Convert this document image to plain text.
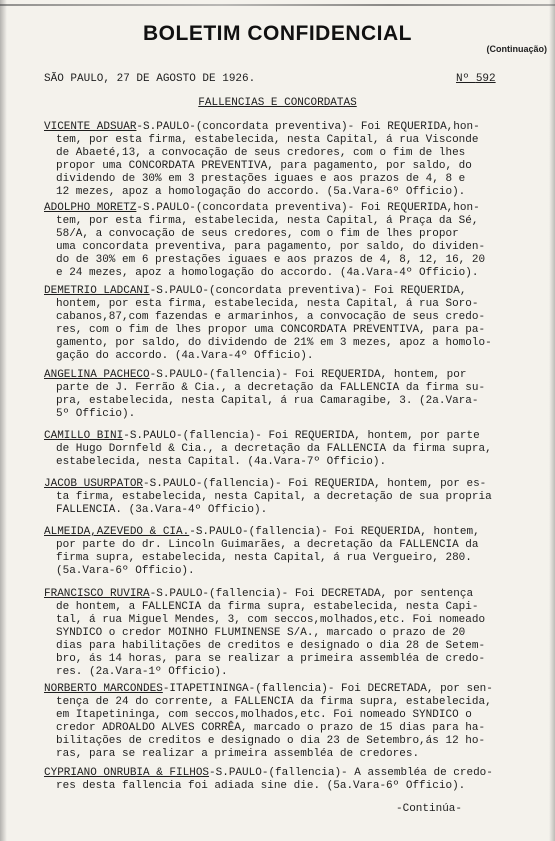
BOLETIM CONFIDENCIAL
(Continuação)
SÃO PAULO, 27 DE AGOSTO DE 1926.	Nº 592
FALLENCIAS E CONCORDATAS
VICENTE ADSUAR-S.PAULO-(concordata preventiva)- Foi REQUERIDA,hon-
tem, por esta firma, estabelecida, nesta Capital, á rua Visconde
de Abaeté,13, a convocação de seus credores, com o fim de lhes
propor uma CONCORDATA PREVENTIVA, para pagamento, por saldo, do
dividendo de 30% em 3 prestações iguaes e aos prazos de 4, 8 e
12 mezes, apoz a homologação do accordo. (5a.Vara-6º Officio).
ADOLPHO MORETZ-S.PAULO-(concordata preventiva)- Foi REQUERIDA,hon-
tem, por esta firma, estabelecida, nesta Capital, á Praça da Sé,
58/A, a convocação de seus credores, com o fim de lhes propor
uma concordata preventiva, para pagamento, por saldo, do dividen-
do de 30% em 6 prestações iguaes e aos prazos de 4, 8, 12, 16, 20
e 24 mezes, apoz a homologação do accordo. (4a.Vara-4º Officio).
DEMETRIO LADCANI-S.PAULO-(concordata preventiva)- Foi REQUERIDA,
hontem, por esta firma, estabelecida, nesta Capital, á rua Soro-
cabanos,87,com fazendas e armarinhos, a convocação de seus credo-
res, com o fim de lhes propor uma CONCORDATA PREVENTIVA, para pa-
gamento, por saldo, do dividendo de 21% em 3 mezes, apoz a homolo-
gação do accordo. (4a.Vara-4º Officio).
ANGELINA PACHECO-S.PAULO-(fallencia)- Foi REQUERIDA, hontem, por
parte de J. Ferrão & Cia., a decretação da FALLENCIA da firma su-
pra, estabelecida, nesta Capital, á rua Camaragibe, 3. (2a.Vara-
5º Officio).
CAMILLO BINI-S.PAULO-(fallencia)- Foi REQUERIDA, hontem, por parte
de Hugo Dornfeld & Cia., a decretação da FALLENCIA da firma supra,
estabelecida, nesta Capital. (4a.Vara-7º Officio).
JACOB USURPATOR-S.PAULO-(fallencia)- Foi REQUERIDA, hontem, por es-
ta firma, estabelecida, nesta Capital, a decretação de sua propria
FALLENCIA. (3a.Vara-4º Officio).
ALMEIDA,AZEVEDO & CIA.-S.PAULO-(fallencia)- Foi REQUERIDA, hontem,
por parte do dr. Lincoln Guimarães, a decretação da FALLENCIA da
firma supra, estabelecida, nesta Capital, á rua Vergueiro, 280.
(5a.Vara-6º Officio).
FRANCISCO RUVIRA-S.PAULO-(fallencia)- Foi DECRETADA, por sentença
de hontem, a FALLENCIA da firma supra, estabelecida, nesta Capi-
tal, á rua Miguel Mendes, 3, com seccos,molhados,etc. Foi nomeado
SYNDICO o credor MOINHO FLUMINENSE S/A., marcado o prazo de 20
dias para habilitações de creditos e designado o dia 28 de Setem-
bro, ás 14 horas, para se realizar a primeira assembléa de credo-
res. (2a.Vara-1º Officio).
NORBERTO MARCONDES-ITAPETININGA-(fallencia)- Foi DECRETADA, por sen-
tença de 24 do corrente, a FALLENCIA da firma supra, estabelecida,
em Itapetininga, com seccos,molhados,etc. Foi nomeado SYNDICO o
credor ADROALDO ALVES CORRÊA, marcado o prazo de 15 dias para ha-
bilitações de creditos e designado o dia 23 de Setembro,ás 12 ho-
ras, para se realizar a primeira assembléa de credores.
CYPRIANO ONRUBIA & FILHOS-S.PAULO-(fallencia)- A assembléa de credo-
res desta fallencia foi adiada sine die. (5a.Vara-6º Officio).
-Continúa-
